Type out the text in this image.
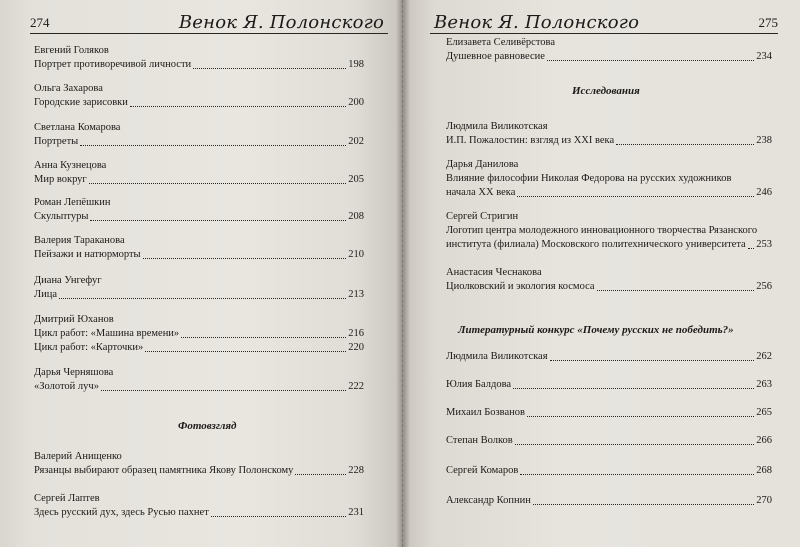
274	Венок Я. Полонского
Евгений Голяков
Портрет противоречивой личности	198
Ольга Захарова
Городские зарисовки	200
Светлана Комарова
Портреты	202
Анна Кузнецова
Мир вокруг	205
Роман Лепёшкин
Скульптуры	208
Валерия Тараканова
Пейзажи и натюрморты	210
Диана Унгефуг
Лица	213
Дмитрий Юханов
Цикл работ: «Машина времени»	216
Цикл работ: «Карточки»	220
Дарья Черняшова
«Золотой луч»	222
Фотовзгляд
Валерий Анищенко
Рязанцы выбирают образец памятника Якову Полонскому	228
Сергей Лаптев
Здесь русский дух, здесь Русью пахнет	231
Венок Я. Полонского	275
Елизавета Селивёрстова
Душевное равновесие	234
Исследования
Людмила Виликотская
И.П. Пожалостин: взгляд из XXI века	238
Дарья Данилова
Влияние философии Николая Федорова на русских художников
начала XX века	246
Сергей Стригин
Логотип центра молодежного инновационного творчества Рязанского
института (филиала) Московского политехнического университета 253
Анастасия Чеснакова
Циолковский и экология космоса	256
Литературный конкурс «Почему русских не победить?»
Людмила Виликотская	262
Юлия Балдова	263
Михаил Бозванов	265
Степан Волков	266
Сергей Комаров	268
Александр Копнин	270
